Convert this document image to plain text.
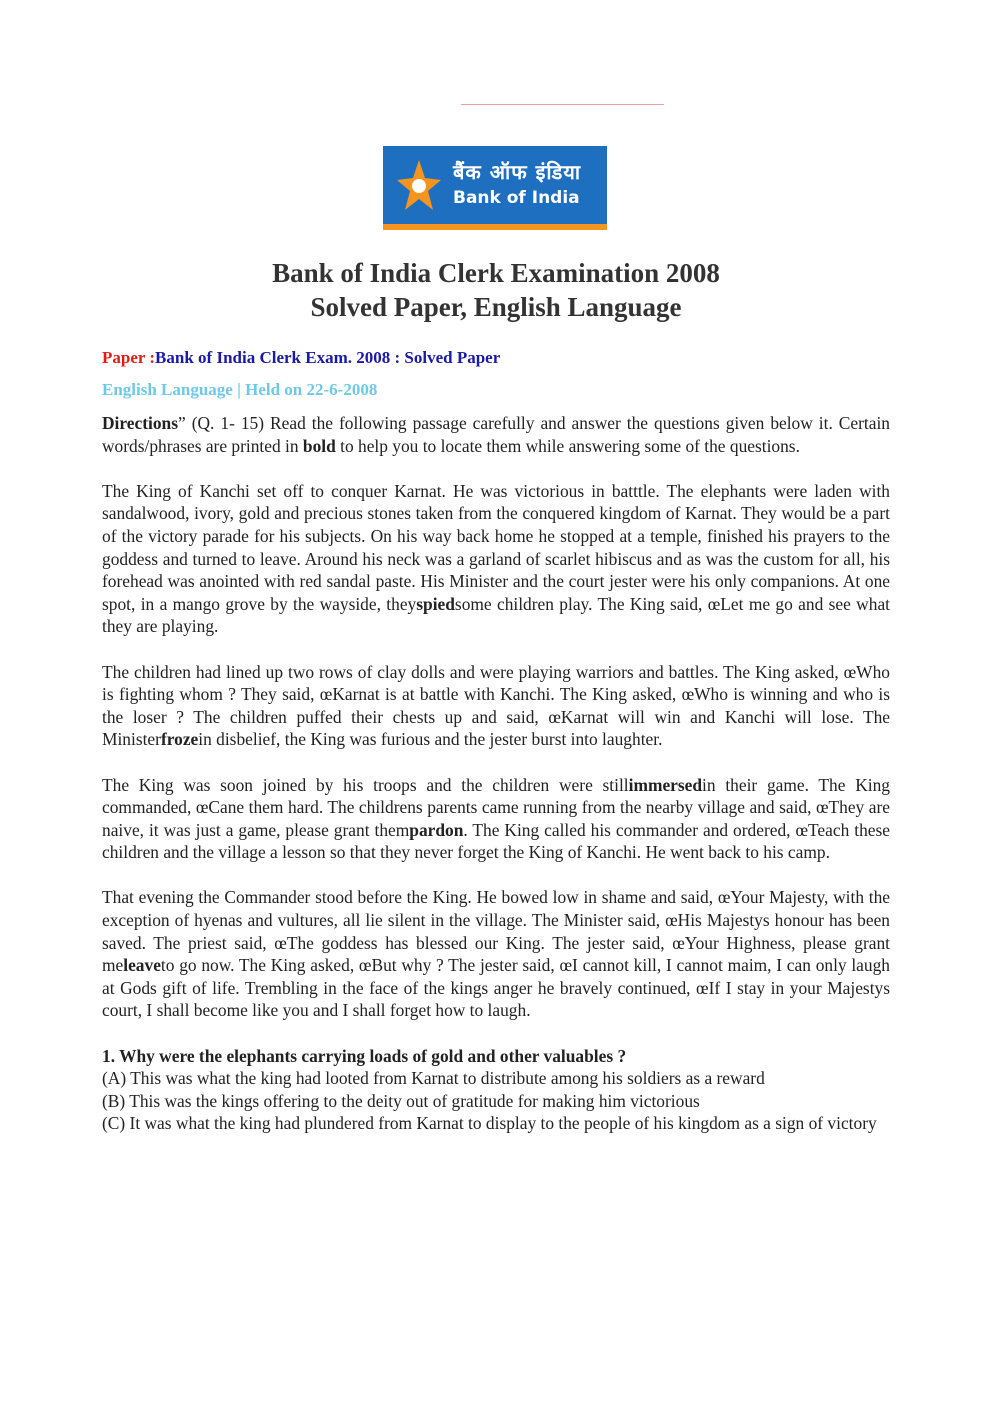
बैंक ऑफ इंडिया
Bank of India
Bank of India Clerk Examination 2008
Solved Paper, English Language
Paper :Bank of India Clerk Exam. 2008 : Solved Paper
English Language | Held on 22-6-2008

Directions” (Q. 1- 15) Read the following passage carefully and answer the questions given below it. Certain words/phrases are printed in bold to help you to locate them while answering some of the questions.

The King of Kanchi set off to conquer Karnat. He was victorious in batttle. The elephants were laden with sandalwood, ivory, gold and precious stones taken from the conquered kingdom of Karnat. They would be a part of the victory parade for his subjects. On his way back home he stopped at a temple, finished his prayers to the goddess and turned to leave. Around his neck was a garland of scarlet hibiscus and as was the custom for all, his forehead was anointed with red sandal paste. His Minister and the court jester were his only companions. At one spot, in a mango grove by the wayside, theyspiedsome children play. The King said, œLet me go and see what they are playing.

The children had lined up two rows of clay dolls and were playing warriors and battles. The King asked, œWho is fighting whom ? They said, œKarnat is at battle with Kanchi. The King asked, œWho is winning and who is the loser ? The children puffed their chests up and said, œKarnat will win and Kanchi will lose. The Ministerfrozein disbelief, the King was furious and the jester burst into laughter.

The King was soon joined by his troops and the children were stillimmersedin their game. The King commanded, œCane them hard. The childrens parents came running from the nearby village and said, œThey are naive, it was just a game, please grant thempardon. The King called his commander and ordered, œTeach these children and the village a lesson so that they never forget the King of Kanchi. He went back to his camp.

That evening the Commander stood before the King. He bowed low in shame and said, œYour Majesty, with the exception of hyenas and vultures, all lie silent in the village. The Minister said, œHis Majestys honour has been saved. The priest said, œThe goddess has blessed our King. The jester said, œYour Highness, please grant meleaveto go now. The King asked, œBut why ? The jester said, œI cannot kill, I cannot maim, I can only laugh at Gods gift of life. Trembling in the face of the kings anger he bravely continued, œIf I stay in your Majestys court, I shall become like you and I shall forget how to laugh.

1. Why were the elephants carrying loads of gold and other valuables ?

(A) This was what the king had looted from Karnat to distribute among his soldiers as a reward

(B) This was the kings offering to the deity out of gratitude for making him victorious

(C) It was what the king had plundered from Karnat to display to the people of his kingdom as a sign of victory
